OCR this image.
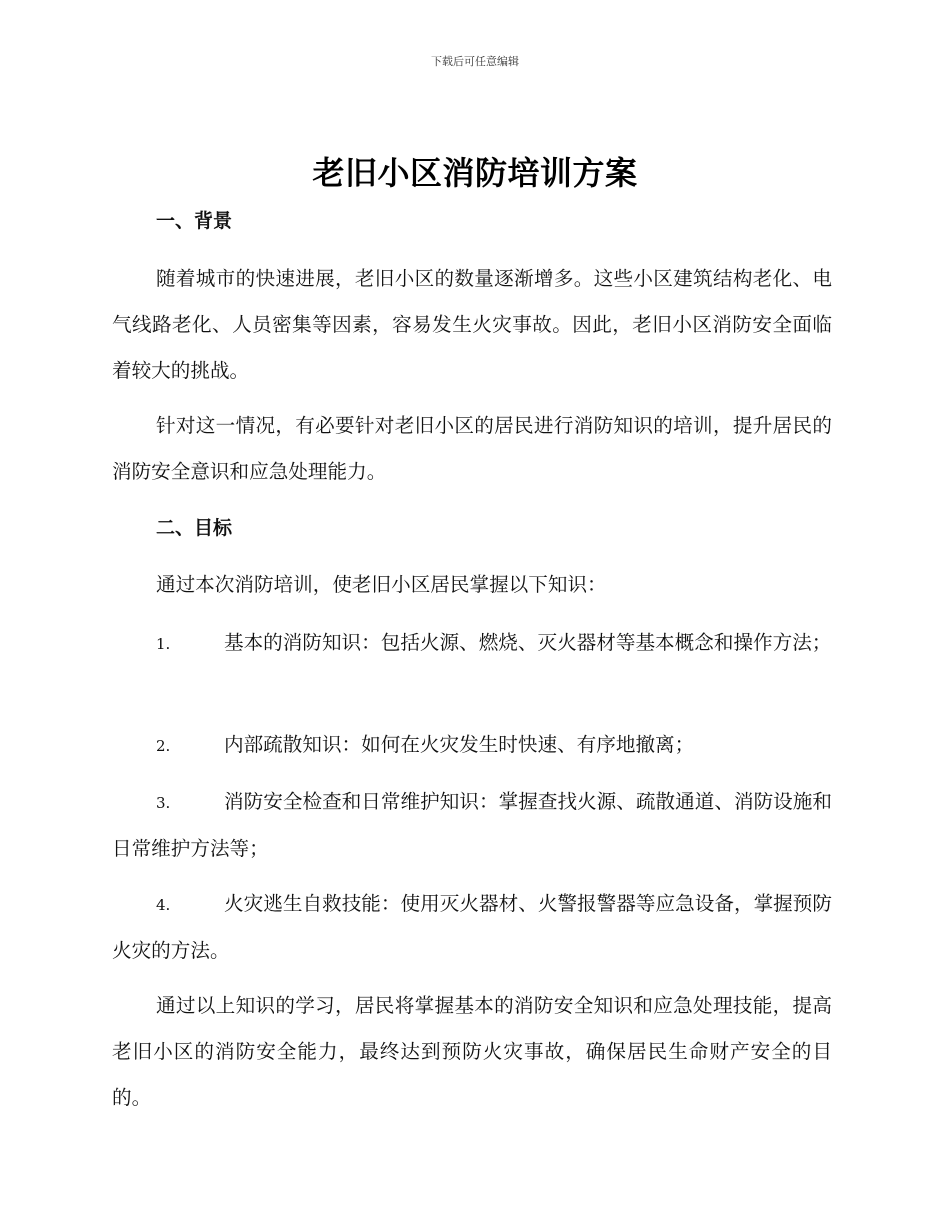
下载后可任意编辑
老旧小区消防培训方案
一、背景

随着城市的快速进展，老旧小区的数量逐渐增多。这些小区建筑结构老化、电气线路老化、人员密集等因素，容易发生火灾事故。因此，老旧小区消防安全面临着较大的挑战。

针对这一情况，有必要针对老旧小区的居民进行消防知识的培训，提升居民的消防安全意识和应急处理能力。

二、目标

通过本次消防培训，使老旧小区居民掌握以下知识：

1.	基本的消防知识：包括火源、燃烧、灭火器材等基本概念和操作方法；

2.	内部疏散知识：如何在火灾发生时快速、有序地撤离；

3.	消防安全检查和日常维护知识：掌握查找火源、疏散通道、消防设施和日常维护方法等；

4.	火灾逃生自救技能：使用灭火器材、火警报警器等应急设备，掌握预防火灾的方法。

通过以上知识的学习，居民将掌握基本的消防安全知识和应急处理技能，提高老旧小区的消防安全能力，最终达到预防火灾事故，确保居民生命财产安全的目的。
